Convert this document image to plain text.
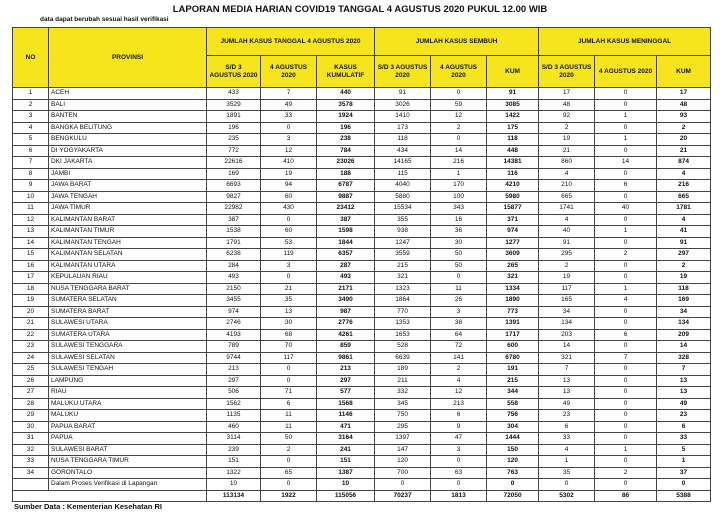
LAPORAN MEDIA HARIAN COVID19 TANGGAL 4 AGUSTUS 2020 PUKUL 12.00 WIB
data dapat berubah sesuai hasil verifikasi
NO	PROVINSI	JUMLAH KASUS TANGGAL 4 AGUSTUS 2020			JUMLAH KASUS SEMBUH			JUMLAH KASUS MENINGGAL		
		S/D 3 AGUSTUS 2020	4 AGUSTUS 2020	KASUS KUMULATIF	S/D 3 AGUSTUS 2020	4 AGUSTUS 2020	KUM	S/D 3 AGUSTUS 2020	4 AGUSTUS 2020	KUM
1	ACEH	433	7	440	91	0	91	17	0	17
2	BALI	3529	49	3578	3026	59	3085	48	0	48
3	BANTEN	1891	33	1924	1410	12	1422	92	1	93
4	BANGKA BELITUNG	196	0	196	173	2	175	2	0	2
5	BENGKULU	235	3	238	118	0	118	19	1	20
6	DI YOGYAKARTA	772	12	784	434	14	448	21	0	21
7	DKI JAKARTA	22616	410	23026	14165	216	14381	860	14	874
8	JAMBI	169	19	188	115	1	116	4	0	4
9	JAWA BARAT	6693	94	6787	4040	170	4210	210	6	216
10	JAWA TENGAH	9827	60	9887	5880	100	5980	665	0	665
11	JAWA TIMUR	22982	430	23412	15534	343	15877	1741	40	1781
12	KALIMANTAN BARAT	387	0	387	355	16	371	4	0	4
13	KALIMANTAN TIMUR	1538	60	1598	938	36	974	40	1	41
14	KALIMANTAN TENGAH	1791	53	1844	1247	30	1277	91	0	91
15	KALIMANTAN SELATAN	6238	119	6357	3559	50	3609	295	2	297
16	KALIMANTAN UTARA	284	3	287	215	50	265	2	0	2
17	KEPULAUAN RIAU	493	0	493	321	0	321	19	0	19
18	NUSA TENGGARA BARAT	2150	21	2171	1323	11	1334	117	1	118
19	SUMATERA SELATAN	3455	35	3490	1864	26	1890	165	4	169
20	SUMATERA BARAT	974	13	987	770	3	773	34	0	34
21	SULAWESI UTARA	2746	30	2776	1353	38	1391	134	0	134
22	SUMATERA UTARA	4193	68	4261	1653	64	1717	203	6	209
23	SULAWESI TENGGARA	789	70	859	528	72	600	14	0	14
24	SULAWESI SELATAN	9744	117	9861	6639	141	6780	321	7	328
25	SULAWESI TENGAH	213	0	213	189	2	191	7	0	7
26	LAMPUNG	297	0	297	211	4	215	13	0	13
27	RIAU	506	71	577	332	12	344	13	0	13
28	MALUKU UTARA	1562	6	1568	345	213	558	49	0	49
29	MALUKU	1135	11	1146	750	6	756	23	0	23
30	PAPUA BARAT	460	11	471	295	9	304	6	0	6
31	PAPUA	3114	50	3164	1397	47	1444	33	0	33
32	SULAWESI BARAT	239	2	241	147	3	150	4	1	5
33	NUSA TENGGARA TIMUR	151	0	151	120	0	120	1	0	1
34	GORONTALO	1322	65	1387	700	63	763	35	2	37
	Dalam Proses Verifikasi di Lapangan	10	0	10	0	0	0	0	0	0
		113134	1922	115056	70237	1813	72050	5302	86	5388
Sumber Data : Kementerian Kesehatan RI
